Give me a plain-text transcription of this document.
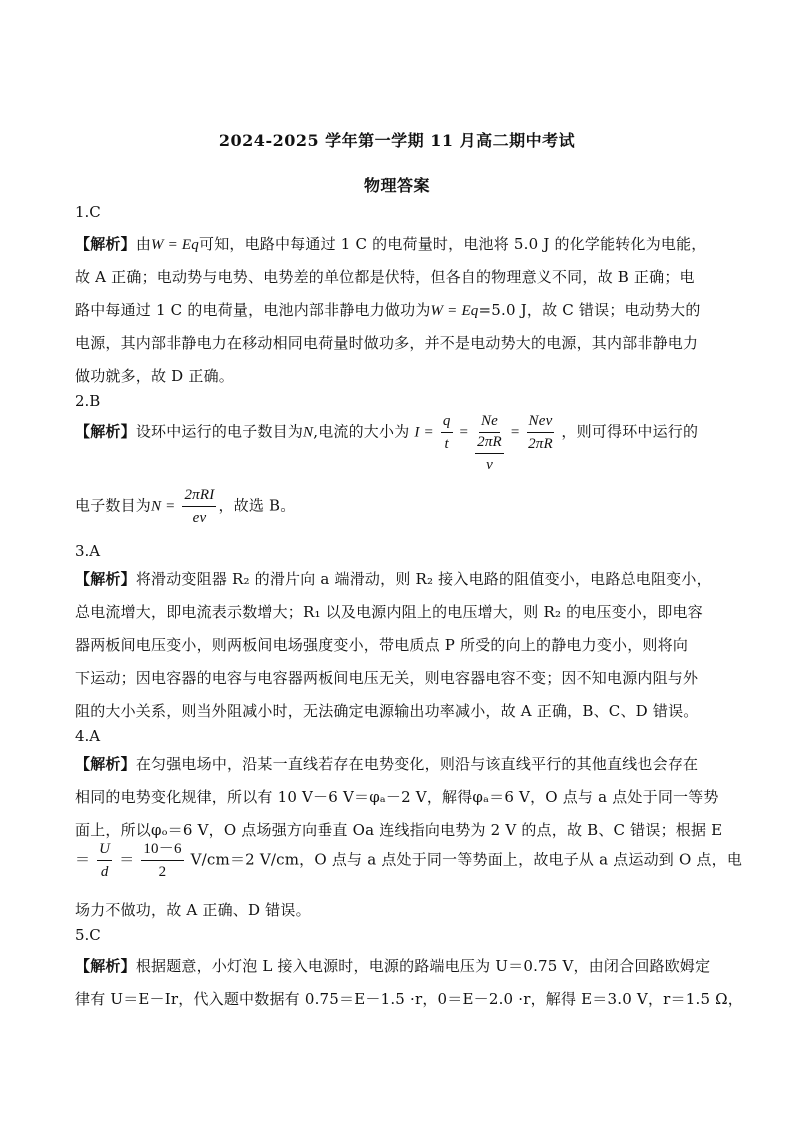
2024-2025 学年第一学期 11 月高二期中考试
物理答案
1.C
【解析】由W = Eq可知，电路中每通过 1 C 的电荷量时，电池将 5.0 J 的化学能转化为电能，
故 A 正确；电动势与电势、电势差的单位都是伏特，但各自的物理意义不同，故 B 正确；电
路中每通过 1 C 的电荷量，电池内部非静电力做功为W = Eq=5.0 J，故 C 错误；电动势大的
电源，其内部非静电力在移动相同电荷量时做功多，并不是电动势大的电源，其内部非静电力
做功就多，故 D 正确。
2.B
【解析】设环中运行的电子数目为N,电流的大小为 $I = \frac{q}{t} = \frac{Ne}{\frac{2\pi R}{v}} = \frac{\text{Nev}}{2\pi R}$ ，则可得环中运行的
电子数目为$N = \frac{\text{2πRI}}{ev}$ ，故选 B。
3.A
【解析】将滑动变阻器 R₂ 的滑片向 a 端滑动，则 R₂ 接入电路的阻值变小，电路总电阻变小，
总电流增大，即电流表示数增大；R₁ 以及电源内阻上的电压增大，则 R₂ 的电压变小，即电容
器两板间电压变小，则两板间电场强度变小，带电质点 P 所受的向上的静电力变小，则将向
下运动；因电容器的电容与电容器两板间电压无关，则电容器电容不变；因不知电源内阻与外
阻的大小关系，则当外阻减小时，无法确定电源输出功率减小，故 A 正确，B、C、D 错误。
4.A
【解析】在匀强电场中，沿某一直线若存在电势变化，则沿与该直线平行的其他直线也会存在
相同的电势变化规律，所以有 10 V－6 V＝φₐ－2 V，解得φₐ＝6 V，O 点与 a 点处于同一等势
面上，所以φₒ＝6 V，O 点场强方向垂直 Oa 连线指向电势为 2 V 的点，故 B、C 错误；根据 E
＝ $\frac{U}{d} = \frac{10-6}{2} V/cm=2$ V/cm，O 点与 a 点处于同一等势面上，故电子从 a 点运动到 O 点，电
场力不做功，故 A 正确、D 错误。
5.C
【解析】根据题意，小灯泡 L 接入电源时，电源的路端电压为 U＝0.75 V，由闭合回路欧姆定
律有 U＝E－Ir，代入题中数据有 0.75＝E－1.5 ·r，0＝E－2.0 ·r，解得 E＝3.0 V，r＝1.5 Ω，
